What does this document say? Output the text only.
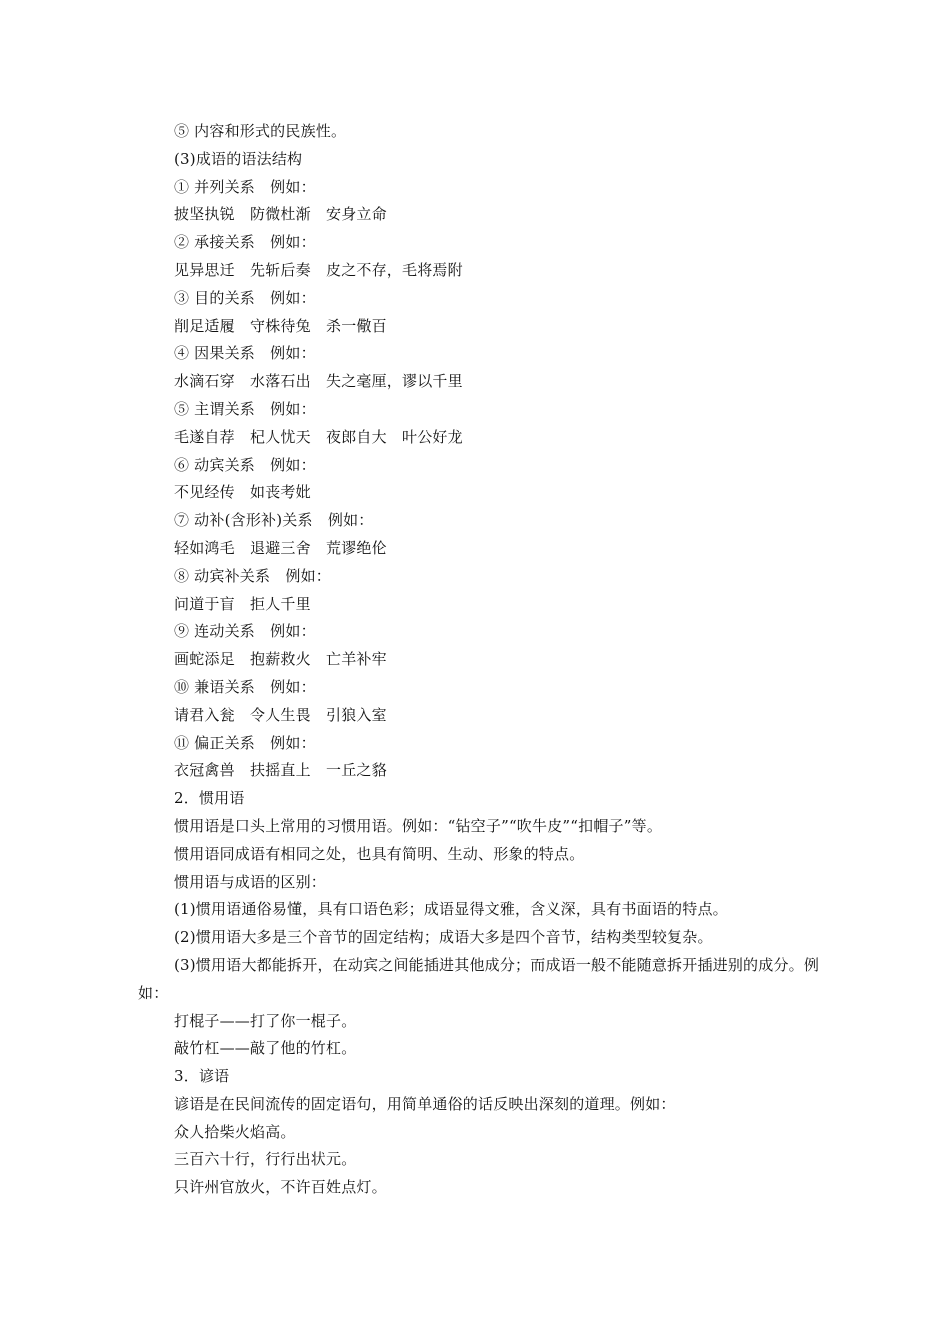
⑤ 内容和形式的民族性。
(3)成语的语法结构
① 并列关系　例如：
披坚执锐　防微杜渐　安身立命
② 承接关系　例如：
见异思迁　先斩后奏　皮之不存，毛将焉附
③ 目的关系　例如：
削足适履　守株待兔　杀一儆百
④ 因果关系　例如：
水滴石穿　水落石出　失之毫厘，谬以千里
⑤ 主谓关系　例如：
毛遂自荐　杞人忧天　夜郎自大　叶公好龙
⑥ 动宾关系　例如：
不见经传　如丧考妣
⑦ 动补(含形补)关系　例如：
轻如鸿毛　退避三舍　荒谬绝伦
⑧ 动宾补关系　例如：
问道于盲　拒人千里
⑨ 连动关系　例如：
画蛇添足　抱薪救火　亡羊补牢
⑩ 兼语关系　例如：
请君入瓮　令人生畏　引狼入室
⑪ 偏正关系　例如：
衣冠禽兽　扶摇直上　一丘之貉
2．惯用语
惯用语是口头上常用的习惯用语。例如：“钻空子”“吹牛皮”“扣帽子”等。
惯用语同成语有相同之处，也具有简明、生动、形象的特点。
惯用语与成语的区别：
(1)惯用语通俗易懂，具有口语色彩；成语显得文雅，含义深，具有书面语的特点。
(2)惯用语大多是三个音节的固定结构；成语大多是四个音节，结构类型较复杂。
(3)惯用语大都能拆开，在动宾之间能插进其他成分；而成语一般不能随意拆开插进别的成分。例如：
打棍子——打了你一棍子。
敲竹杠——敲了他的竹杠。
3．谚语
谚语是在民间流传的固定语句，用简单通俗的话反映出深刻的道理。例如：
众人拾柴火焰高。
三百六十行，行行出状元。
只许州官放火，不许百姓点灯。
